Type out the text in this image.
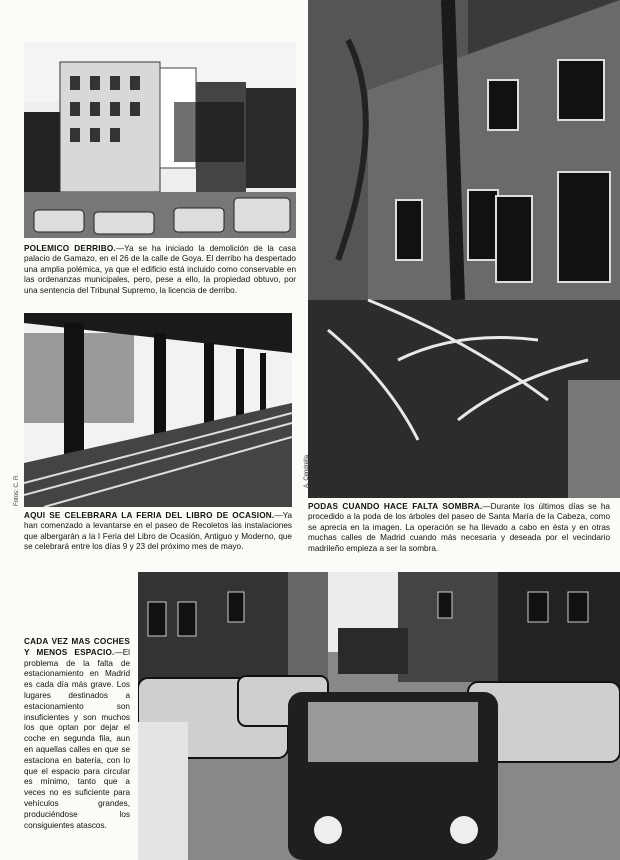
POLEMICO DERRIBO.—Ya se ha iniciado la demolición de la casa palacio de Gamazo, en el 26 de la calle de Goya. El derribo ha despertado una amplia polémica, ya que el edificio está incluido como conservable en las ordenanzas municipales, pero, pese a ello, la propiedad obtuvo, por una sentencia del Tribunal Supremo, la licencia de derribo.
A. Cendrella
PODAS CUANDO HACE FALTA SOMBRA.—Durante los últimos días se ha procedido a la poda de los árboles del paseo de Santa María de la Cabeza, como se aprecia en la imagen. La operación se ha llevado a cabo en ésta y en otras muchas calles de Madrid cuando más necesaria y deseada por el vecindario madrileño empieza a ser la sombra.
Fotos: C. R.
AQUI SE CELEBRARA LA FERIA DEL LIBRO DE OCASION.—Ya han comenzado a levantarse en el paseo de Recoletos las instalaciones que albergarán a la I Feria del Libro de Ocasión, Antiguo y Moderno, que se celebrará entre los días 9 y 23 del próximo mes de mayo.
CADA VEZ MAS COCHES Y MENOS ESPACIO.—El problema de la falta de estacionamiento en Madrid es cada día más grave. Los lugares destinados a estacionamiento son insuficientes y son muchos los que optan por dejar el coche en segunda fila, aun en aquellas calles en que se estaciona en batería, con lo que el espacio para circular es mínimo, tanto que a veces no es suficiente para vehículos grandes, produciéndose los consiguientes atascos.
